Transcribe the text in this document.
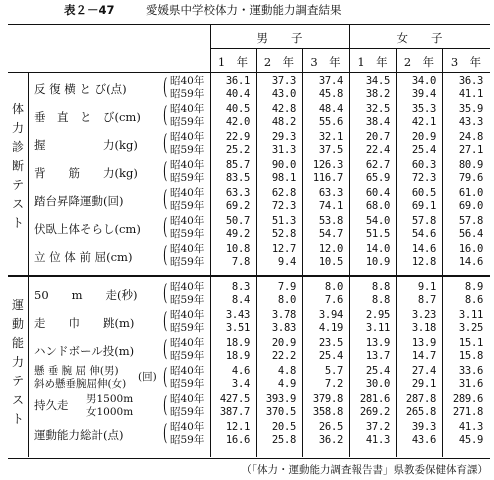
表２－47	愛媛県中学校体力・運動能力調査結果
男　　子	女　　子
1　年	2　年	3　年	1　年	2　年	3　年
体
力
診
断
テ
ス
ト
運
動
能
力
テ
ス
ト
反 復 横 と び(点) ( 昭40年	36.1	37.3	37.4	34.5	34.0	36.3
昭59年	40.4	43.0	45.8	38.2	39.4	41.1
垂　直　と　び(cm) ( 昭40年	40.5	42.8	48.4	32.5	35.3	35.9
昭59年	42.0	48.2	55.6	38.4	42.1	43.3
握　　　　　力(kg) ( 昭40年	22.9	29.3	32.1	20.7	20.9	24.8
昭59年	25.2	31.3	37.5	22.4	25.4	27.1
背　　筋　　力(kg) ( 昭40年	85.7	90.0	126.3	62.7	60.3	80.9
昭59年	83.5	98.1	116.7	65.9	72.3	79.6
踏台昇降運動(回) ( 昭40年	63.3	62.8	63.3	60.4	60.5	61.0
昭59年	69.2	72.3	74.1	68.0	69.1	69.0
伏臥上体そらし(cm) ( 昭40年	50.7	51.3	53.8	54.0	57.8	57.8
昭59年	49.2	52.8	54.7	51.5	54.6	56.4
立 位 体 前 屈(cm) ( 昭40年	10.8	12.7	12.0	14.0	14.6	16.0
昭59年	7.8	9.4	10.5	10.9	12.8	14.6
50　　m　　走(秒) ( 昭40年	8.3	7.9	8.0	8.8	9.1	8.9
昭59年	8.4	8.0	7.6	8.8	8.7	8.6
走　　巾　　跳(m) ( 昭40年	3.43	3.78	3.94	2.95	3.23	3.11
昭59年	3.51	3.83	4.19	3.11	3.18	3.25
ハンドボール投(m) ( 昭40年	18.9	20.9	23.5	13.9	13.9	15.1
昭59年	18.9	22.2	25.4	13.7	14.7	15.8
懸 垂 腕 屈 伸(男)
斜め懸垂腕屈伸(女)
(回) ( 昭40年	4.6	4.8	5.7	25.4	27.4	33.6
昭59年	3.4	4.9	7.2	30.0	29.1	31.6
持久走 男1500m
女1000m ( 昭40年	427.5	393.9	379.8	281.6	287.8	289.6
昭59年	387.7	370.5	358.8	269.2	265.8	271.8
運動能力総計(点) ( 昭40年	12.1	20.5	26.5	37.2	39.3	41.3
昭59年	16.6	25.8	36.2	41.3	43.6	45.9
（「体力・運動能力調査報告書」県教委保健体育課）
